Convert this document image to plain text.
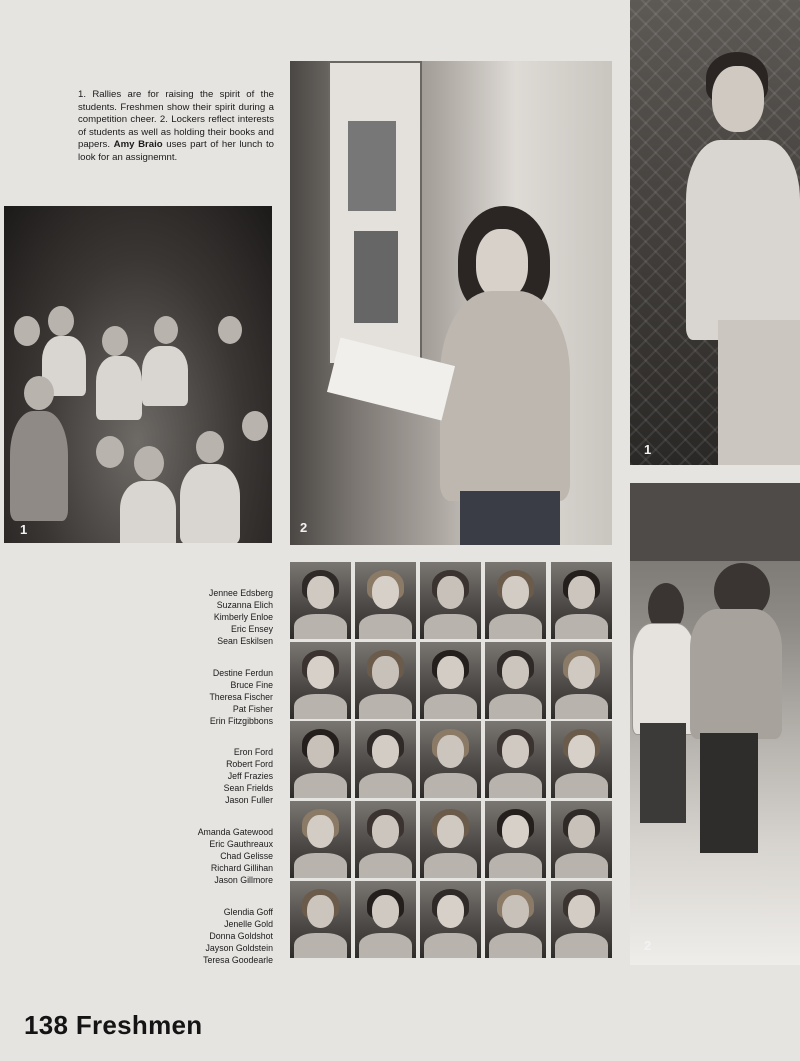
1
1. Rallies are for raising the spirit of the students. Freshmen show their spirit during a competition cheer. 2. Lockers reflect interests of students as well as holding their books and papers. Amy Braio uses part of her lunch to look for an assignemnt.
2
1
2
Jennee Edsberg
Suzanna Elich
Kimberly Enloe
Eric Ensey
Sean Eskilsen
Destine Ferdun
Bruce Fine
Theresa Fischer
Pat Fisher
Erin Fitzgibbons
Eron Ford
Robert Ford
Jeff Frazies
Sean Frields
Jason Fuller
Amanda Gatewood
Eric Gauthreaux
Chad Gelisse
Richard Gillihan
Jason Gillmore
Glendia Goff
Jenelle Gold
Donna Goldshot
Jayson Goldstein
Teresa Goodearle
138 Freshmen
